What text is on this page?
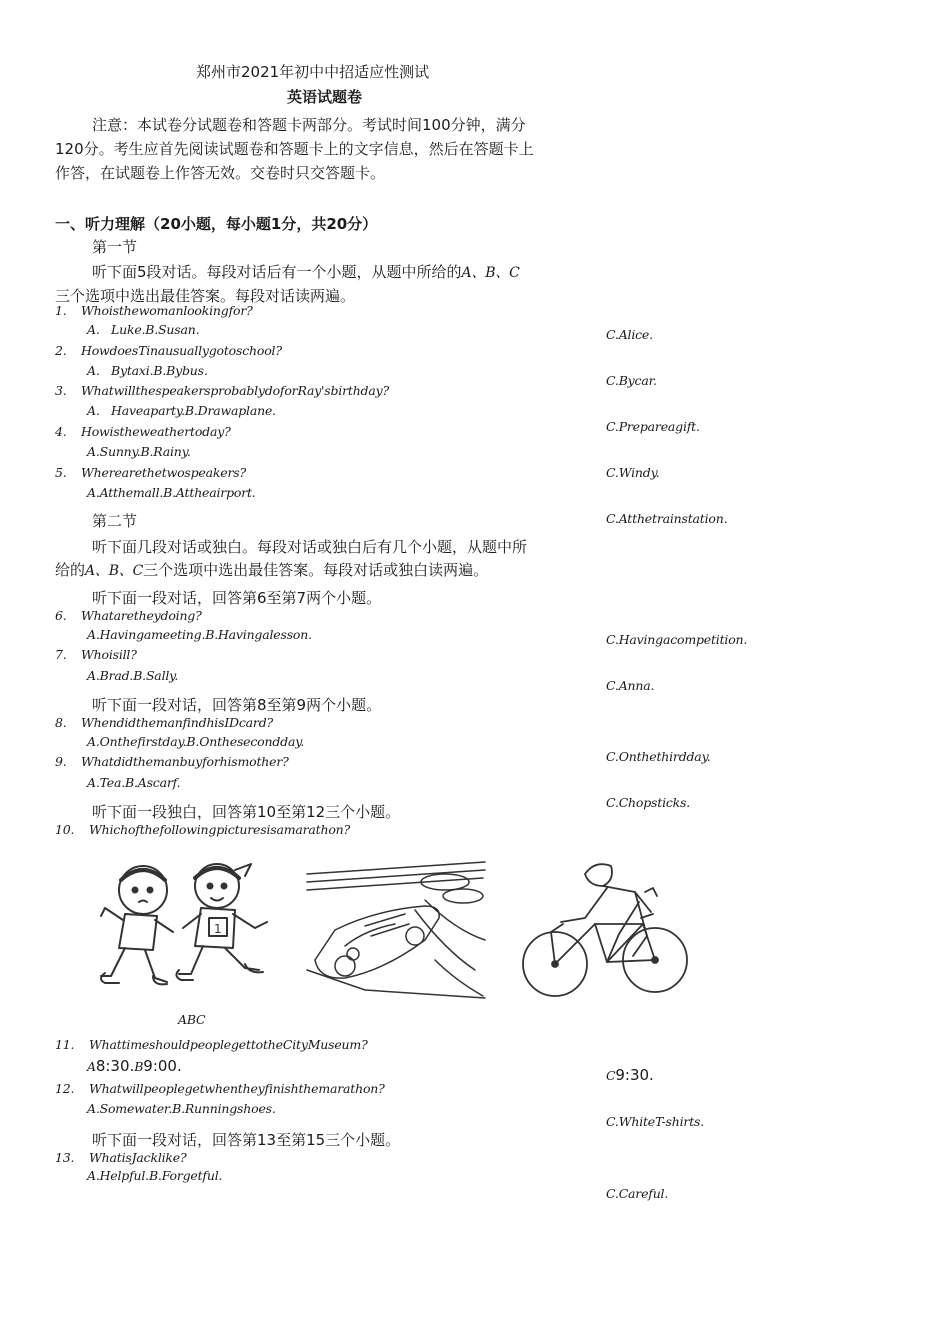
郑州市2021年初中中招适应性测试
英语试题卷
注意：本试卷分试题卷和答题卡两部分。考试时间100分钟，满分
120分。考生应首先阅读试题卷和答题卡上的文字信息，然后在答题卡上
作答，在试题卷上作答无效。交卷时只交答题卡。
一、听力理解（20小题，每小题1分，共20分）
第一节
听下面5段对话。每段对话后有一个小题，从题中所给的A、B、C
三个选项中选出最佳答案。每段对话读两遍。
1. Whoisthewomanlookingfor?
A. Luke.B.Susan.	C.Alice.
2. HowdoesTinausuallygotoschool?
A. Bytaxi.B.Bybus.
C.Bycar.
3. WhatwillthespeakersprobablydoforRay'sbirthday?
A. Haveaparty.B.Drawaplane.
C.Prepareagift.
4. Howistheweathertoday?
A.Sunny.B.Rainy.
C.Windy.
5. Wherearethetwospeakers?
A.Atthemall.B.Attheairport.
C.Atthetrainstation.
第二节
听下面几段对话或独白。每段对话或独白后有几个小题，从题中所
给的A、B、C三个选项中选出最佳答案。每段对话或独白读两遍。
听下面一段对话，回答第6至第7两个小题。
6. Whataretheydoing?
A.Havingameeting.B.Havingalesson.	C.Havingacompetition.
7. Whoisill?
A.Brad.B.Sally.
C.Anna.
听下面一段对话，回答第8至第9两个小题。
8. WhendidthemanfindhisIDcard?
A.Onthefirstday.B.Onthesecondday.
C.Onthethirdday.
9. Whatdidthemanbuyforhismother?
A.Tea.B.Ascarf.
C.Chopsticks.
听下面一段独白，回答第10至第12三个小题。
10. Whichofthefollowingpicturesisamarathon?
1
ABC
11. WhattimeshouldpeoplegettotheCityMuseum?
A8:30.B9:00.
C9:30.
12. Whatwillpeoplegetwhentheyfinishthemarathon?
A.Somewater.B.Runningshoes.
C.WhiteT-shirts.
听下面一段对话，回答第13至第15三个小题。
13. WhatisJacklike?
A.Helpful.B.Forgetful.
C.Careful.
